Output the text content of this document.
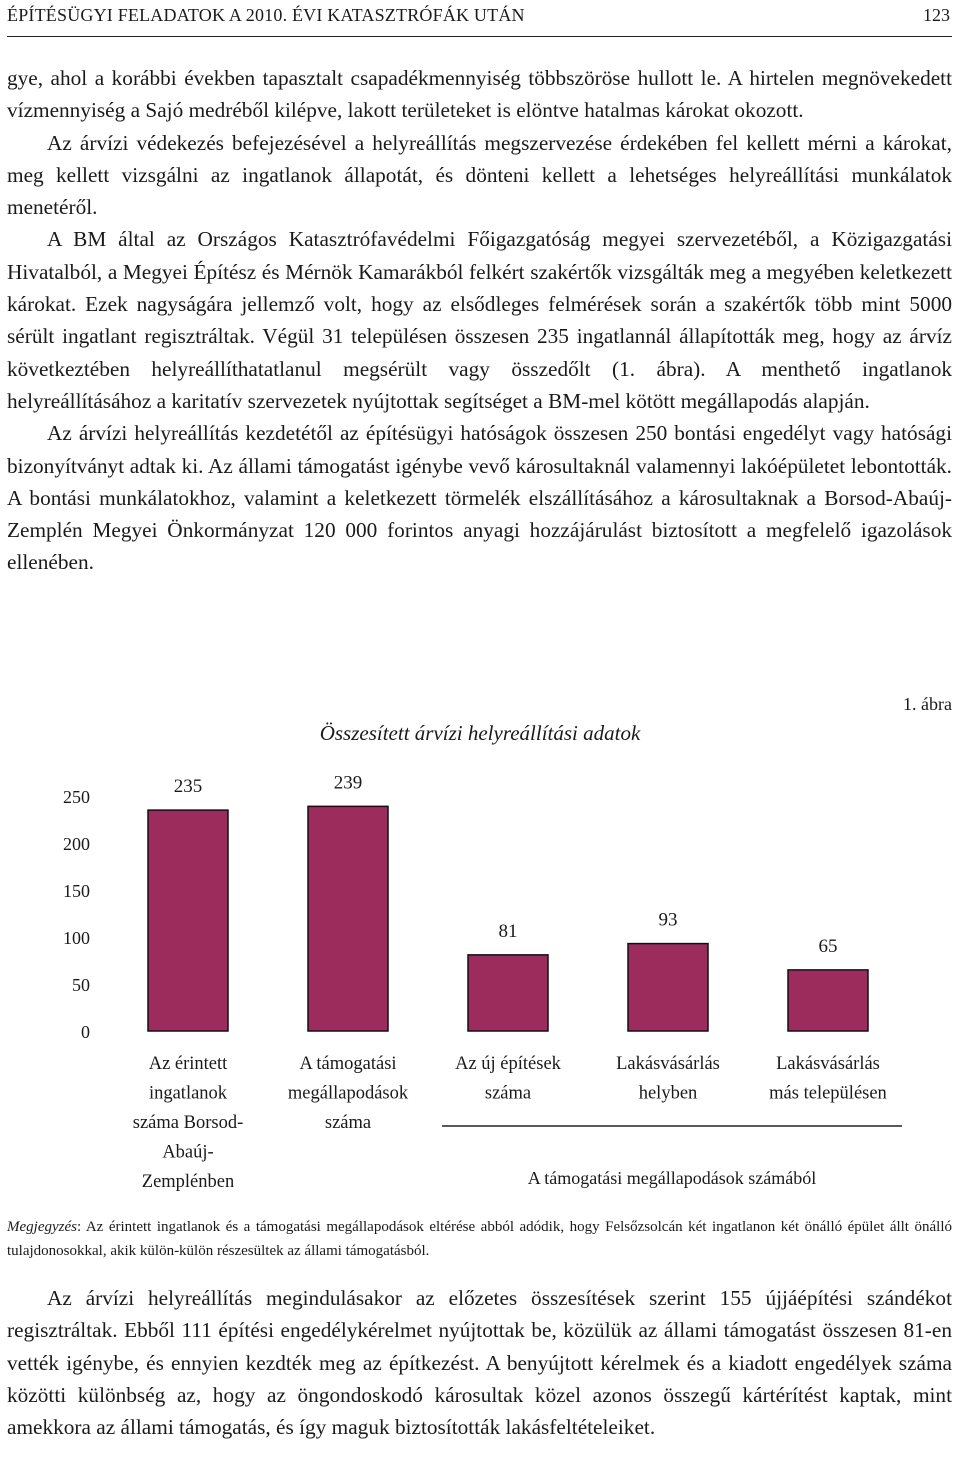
ÉPÍTÉSÜGYI FELADATOK A 2010. ÉVI KATASZTRÓFÁK UTÁN	123

gye, ahol a korábbi években tapasztalt csapadékmennyiség többszöröse hullott le. A hirtelen megnövekedett vízmennyiség a Sajó medréből kilépve, lakott területeket is elöntve hatalmas károkat okozott.

Az árvízi védekezés befejezésével a helyreállítás megszervezése érdekében fel kellett mérni a károkat, meg kellett vizsgálni az ingatlanok állapotát, és dönteni kellett a lehetséges helyreállítási munkálatok menetéről.

A BM által az Országos Katasztrófavédelmi Főigazgatóság megyei szervezetéből, a Közigazgatási Hivatalból, a Megyei Építész és Mérnök Kamarákból felkért szakértők vizsgálták meg a megyében keletkezett károkat. Ezek nagyságára jellemző volt, hogy az elsődleges felmérések során a szakértők több mint 5000 sérült ingatlant regisztráltak. Végül 31 településen összesen 235 ingatlannál állapították meg, hogy az árvíz következtében helyreállíthatatlanul megsérült vagy összedőlt (1. ábra). A menthető ingatlanok helyreállításához a karitatív szervezetek nyújtottak segítséget a BM-mel kötött megállapodás alapján.

Az árvízi helyreállítás kezdetétől az építésügyi hatóságok összesen 250 bontási engedélyt vagy hatósági bizonyítványt adtak ki. Az állami támogatást igénybe vevő károsultaknál valamennyi lakóépületet lebontották. A bontási munkálatokhoz, valamint a keletkezett törmelék elszállításához a károsultaknak a Borsod-Abaúj-Zemplén Megyei Önkormányzat 120 000 forintos anyagi hozzájárulást biztosított a megfelelő igazolások ellenében.

1. ábra
Összesített árvízi helyreállítási adatok
0
50
100
150
200
250	235	239
81
93
65
Az érintett
ingatlanok
száma Borsod-
Abaúj-
Zemplénben
A támogatási
megállapodások
száma
Az új építések
száma
Lakásvásárlás
helyben
Lakásvásárlás
más településen
A támogatási megállapodások számából
Megjegyzés: Az érintett ingatlanok és a támogatási megállapodások eltérése abból adódik, hogy Felsőzsolcán két ingatlanon két önálló épület állt önálló tulajdonosokkal, akik külön-külön részesültek az állami támogatásból.

Az árvízi helyreállítás megindulásakor az előzetes összesítések szerint 155 újjáépítési szándékot regisztráltak. Ebből 111 építési engedélykérelmet nyújtottak be, közülük az állami támogatást összesen 81-en vették igénybe, és ennyien kezdték meg az építkezést. A benyújtott kérelmek és a kiadott engedélyek száma közötti különbség az, hogy az öngondoskodó károsultak közel azonos összegű kártérítést kaptak, mint amekkora az állami támogatás, és így maguk biztosították lakásfeltételeiket.
